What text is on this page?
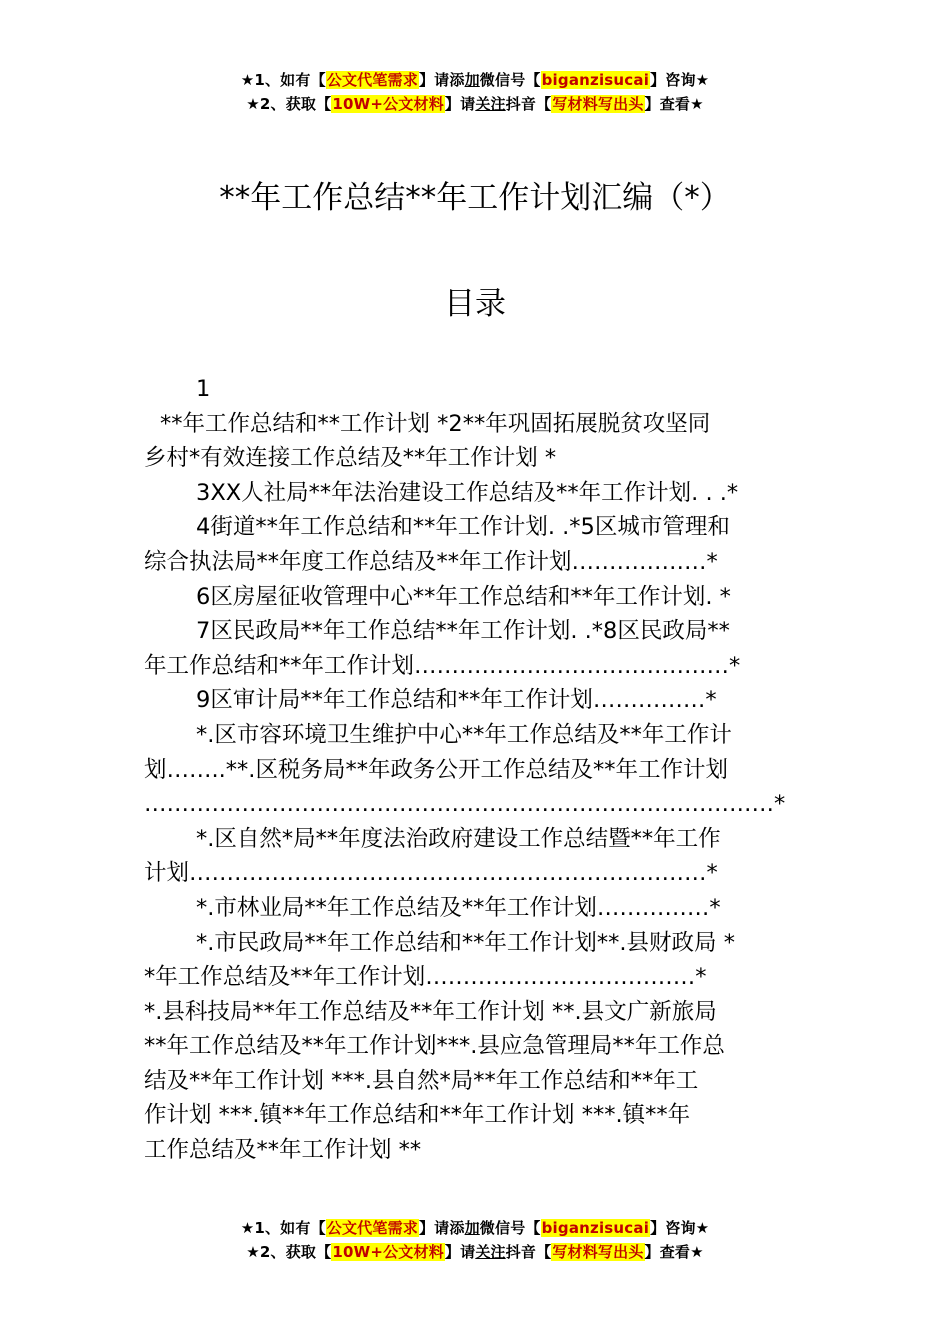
★1、如有【公文代笔需求】请添加微信号【biganzisucai】咨询★
★2、获取【10W+公文材料】请关注抖音【写材料写出头】查看★
**年工作总结**年工作计划汇编（*）
目录
1
**年工作总结和**工作计划 *2**年巩固拓展脱贫攻坚同
乡村*有效连接工作总结及**年工作计划 *
3XX人社局**年法治建设工作总结及**年工作计划. . .*
4街道**年工作总结和**年工作计划. .*5区城市管理和
综合执法局**年度工作总结及**年工作计划………………*
6区房屋征收管理中心**年工作总结和**年工作计划. *
7区民政局**年工作总结**年工作计划. .*8区民政局**
年工作总结和**年工作计划……………………………………*
9区审计局**年工作总结和**年工作计划……………*
*.区市容环境卫生维护中心**年工作总结及**年工作计
划……..**.区税务局**年政务公开工作总结及**年工作计划
…………………………………………………………………………*
*.区自然*局**年度法治政府建设工作总结暨**年工作
计划……………………………………………………………*
*.市林业局**年工作总结及**年工作计划……………*
*.市民政局**年工作总结和**年工作计划**.县财政局 *
*年工作总结及**年工作计划………………………………*
*.县科技局**年工作总结及**年工作计划 **.县文广新旅局
**年工作总结及**年工作计划***.县应急管理局**年工作总
结及**年工作计划 ***.县自然*局**年工作总结和**年工
作计划 ***.镇**年工作总结和**年工作计划 ***.镇**年
工作总结及**年工作计划 **
★1、如有【公文代笔需求】请添加微信号【biganzisucai】咨询★
★2、获取【10W+公文材料】请关注抖音【写材料写出头】查看★
